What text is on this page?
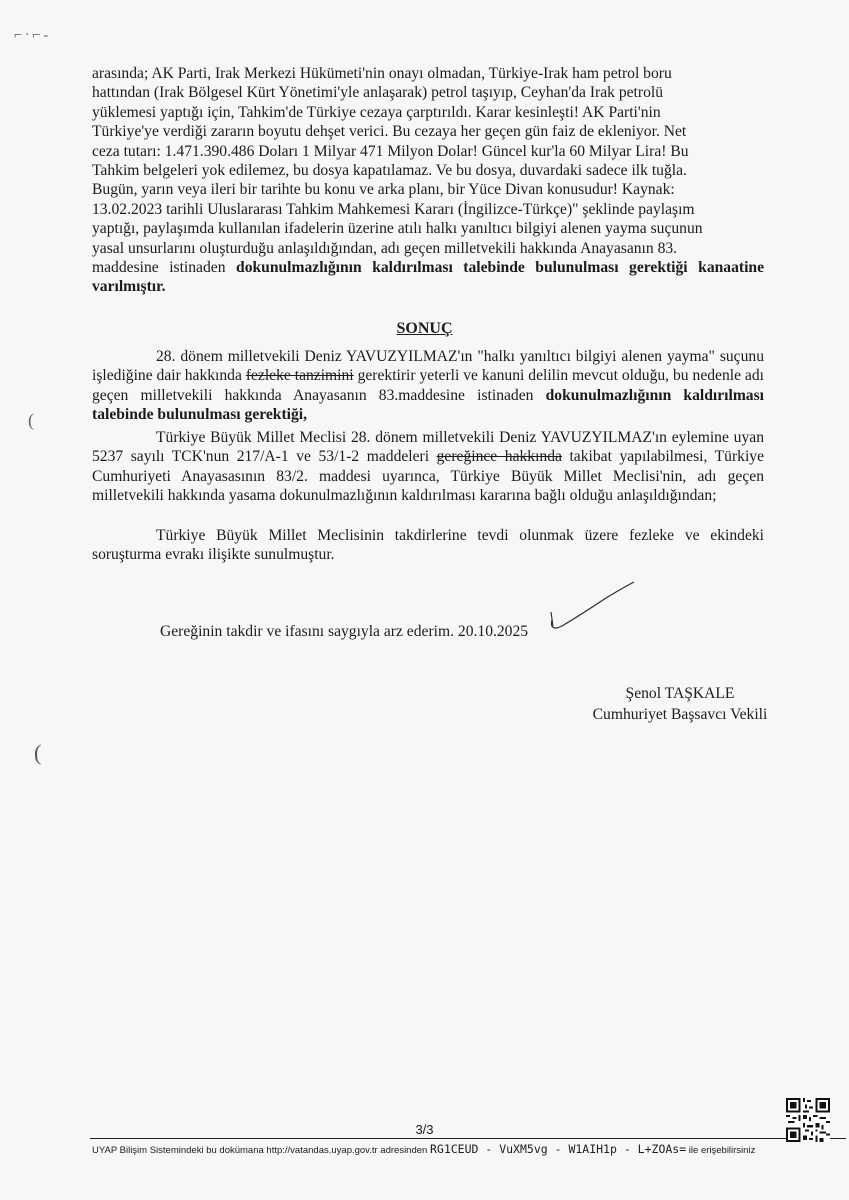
⌐·⌐-
(
(

arasında; AK Parti, Irak Merkezi Hükümeti'nin onayı olmadan, Türkiye-Irak ham petrol boru

hattından (Irak Bölgesel Kürt Yönetimi'yle anlaşarak) petrol taşıyıp, Ceyhan'da Irak petrolü

yüklemesi yaptığı için, Tahkim'de Türkiye cezaya çarptırıldı. Karar kesinleşti! AK Parti'nin

Türkiye'ye verdiği zararın boyutu dehşet verici. Bu cezaya her geçen gün faiz de ekleniyor. Net

ceza tutarı: 1.471.390.486 Doları 1 Milyar 471 Milyon Dolar! Güncel kur'la 60 Milyar Lira! Bu

Tahkim belgeleri yok edilemez, bu dosya kapatılamaz. Ve bu dosya, duvardaki sadece ilk tuğla.

Bugün, yarın veya ileri bir tarihte bu konu ve arka planı, bir Yüce Divan konusudur! Kaynak:

13.02.2023 tarihli Uluslararası Tahkim Mahkemesi Kararı (İngilizce-Türkçe)" şeklinde paylaşım

yaptığı, paylaşımda kullanılan ifadelerin üzerine atılı halkı yanıltıcı bilgiyi alenen yayma suçunun

yasal unsurlarını oluşturduğu anlaşıldığından, adı geçen milletvekili hakkında Anayasanın 83.

maddesine istinaden dokunulmazlığının kaldırılması talebinde bulunulması gerektiği kanaatine varılmıştır.

SONUÇ

28. dönem milletvekili Deniz YAVUZYILMAZ'ın "halkı yanıltıcı bilgiyi alenen yayma" suçunu işlediğine dair hakkında fezleke tanzimini gerektirir yeterli ve kanuni delilin mevcut olduğu, bu nedenle adı geçen milletvekili hakkında Anayasanın 83.maddesine istinaden dokunulmazlığının kaldırılması talebinde bulunulması gerektiği,

Türkiye Büyük Millet Meclisi 28. dönem milletvekili Deniz YAVUZYILMAZ'ın eylemine uyan 5237 sayılı TCK'nun 217/A-1 ve 53/1-2 maddeleri gereğince hakkında takibat yapılabilmesi, Türkiye Cumhuriyeti Anayasasının 83/2. maddesi uyarınca, Türkiye Büyük Millet Meclisi'nin, adı geçen milletvekili hakkında yasama dokunulmazlığının kaldırılması kararına bağlı olduğu anlaşıldığından;

Türkiye Büyük Millet Meclisinin takdirlerine tevdi olunmak üzere fezleke ve ekindeki soruşturma evrakı ilişikte sunulmuştur.

Gereğinin takdir ve ifasını saygıyla arz ederim. 20.10.2025
Şenol TAŞKALE
Cumhuriyet Başsavcı Vekili
3/3
UYAP Bilişim Sistemindeki bu dokümana http://vatandas.uyap.gov.tr adresinden RG1CEUD - VuXM5vg - W1AIH1p - L+ZOAs= ile erişebilirsiniz
